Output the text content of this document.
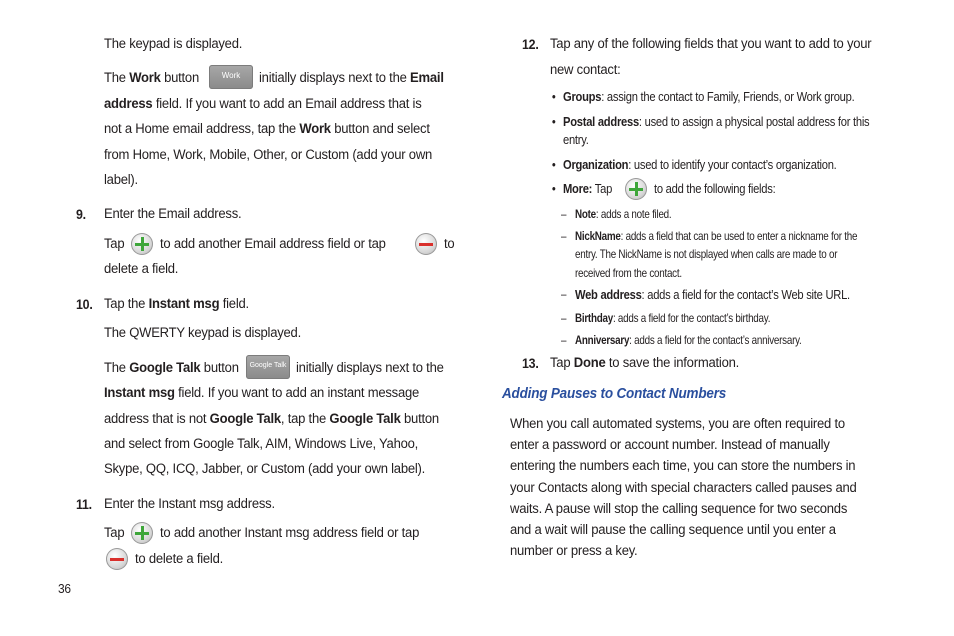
The keypad is displayed.
The Work button	Work	initially displays next to the Email
address field. If you want to add an Email address that is
not a Home email address, tap the Work button and select
from Home, Work, Mobile, Other, or Custom (add your own
label).
9. Enter the Email address.
Tap	to add another Email address field or tap	to
delete a field.
10. Tap the Instant msg field.
The QWERTY keypad is displayed.
The Google Talk button	Google Talk initially displays next to the
Instant msg field. If you want to add an instant message
address that is not Google Talk, tap the Google Talk button
and select from Google Talk, AIM, Windows Live, Yahoo,
Skype, QQ, ICQ, Jabber, or Custom (add your own label).
11. Enter the Instant msg address.
Tap	to add another Instant msg address field or tap
to delete a field.
36
12. Tap any of the following fields that you want to add to your
new contact:
• Groups: assign the contact to Family, Friends, or Work group.
• Postal address: used to assign a physical postal address for this
entry.
• Organization: used to identify your contact’s organization.
• More: Tap	to add the following fields:
– Note: adds a note filed.
– NickName: adds a field that can be used to enter a nickname for the
entry. The NickName is not displayed when calls are made to or
received from the contact.
– Web address: adds a field for the contact’s Web site URL.
– Birthday: adds a field for the contact’s birthday.
– Anniversary: adds a field for the contact’s anniversary.
13. Tap Done to save the information.
Adding Pauses to Contact Numbers
When you call automated systems, you are often required to
enter a password or account number. Instead of manually
entering the numbers each time, you can store the numbers in
your Contacts along with special characters called pauses and
waits. A pause will stop the calling sequence for two seconds
and a wait will pause the calling sequence until you enter a
number or press a key.
